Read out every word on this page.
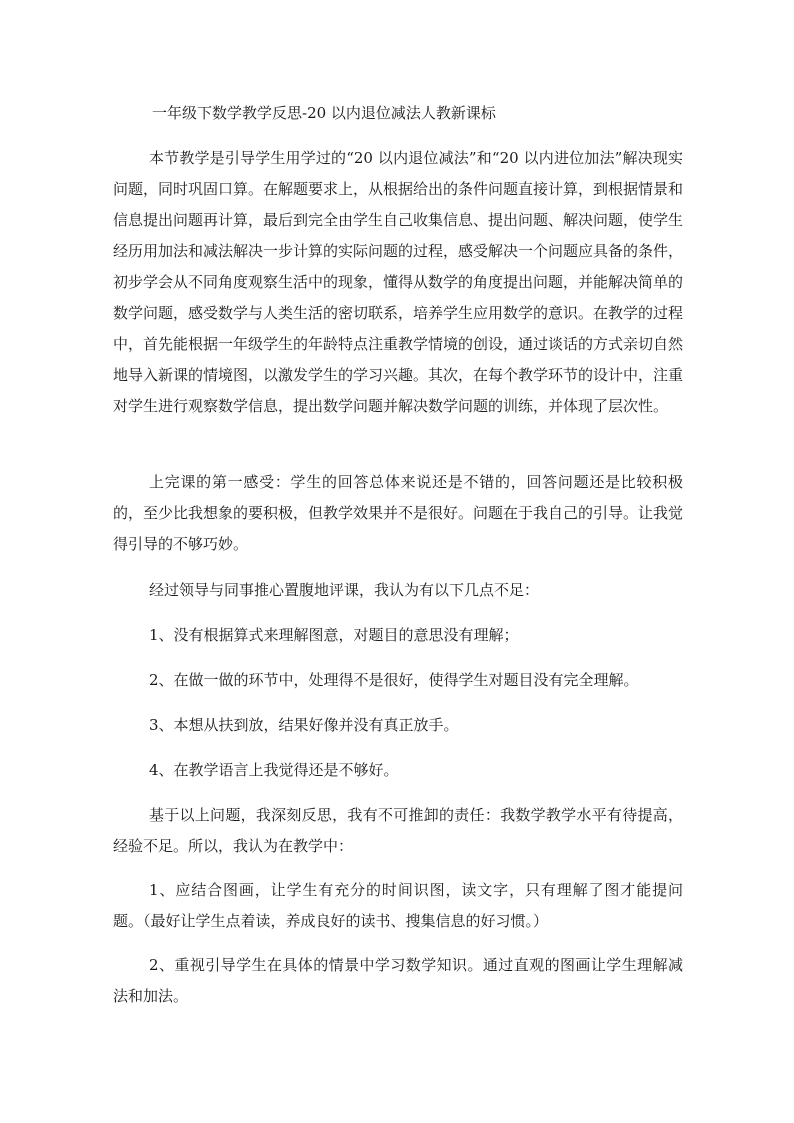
一年级下数学教学反思-20 以内退位减法人教新课标

本节教学是引导学生用学过的“20 以内退位减法”和“20 以内进位加法”解决现实问题，同时巩固口算。在解题要求上，从根据给出的条件问题直接计算，到根据情景和信息提出问题再计算，最后到完全由学生自己收集信息、提出问题、解决问题，使学生经历用加法和减法解决一步计算的实际问题的过程，感受解决一个问题应具备的条件，初步学会从不同角度观察生活中的现象，懂得从数学的角度提出问题，并能解决简单的数学问题，感受数学与人类生活的密切联系，培养学生应用数学的意识。在教学的过程中，首先能根据一年级学生的年龄特点注重教学情境的创设，通过谈话的方式亲切自然地导入新课的情境图，以激发学生的学习兴趣。其次，在每个教学环节的设计中，注重对学生进行观察数学信息，提出数学问题并解决数学问题的训练，并体现了层次性。

上完课的第一感受：学生的回答总体来说还是不错的，回答问题还是比较积极的，至少比我想象的要积极，但教学效果并不是很好。问题在于我自己的引导。让我觉得引导的不够巧妙。

经过领导与同事推心置腹地评课，我认为有以下几点不足：

1、没有根据算式来理解图意，对题目的意思没有理解；

2、在做一做的环节中，处理得不是很好，使得学生对题目没有完全理解。

3、本想从扶到放，结果好像并没有真正放手。

4、在教学语言上我觉得还是不够好。

基于以上问题，我深刻反思，我有不可推卸的责任：我数学教学水平有待提高，经验不足。所以，我认为在教学中：

1、应结合图画，让学生有充分的时间识图，读文字，只有理解了图才能提问题。（最好让学生点着读，养成良好的读书、搜集信息的好习惯。）

2、重视引导学生在具体的情景中学习数学知识。通过直观的图画让学生理解减法和加法。
